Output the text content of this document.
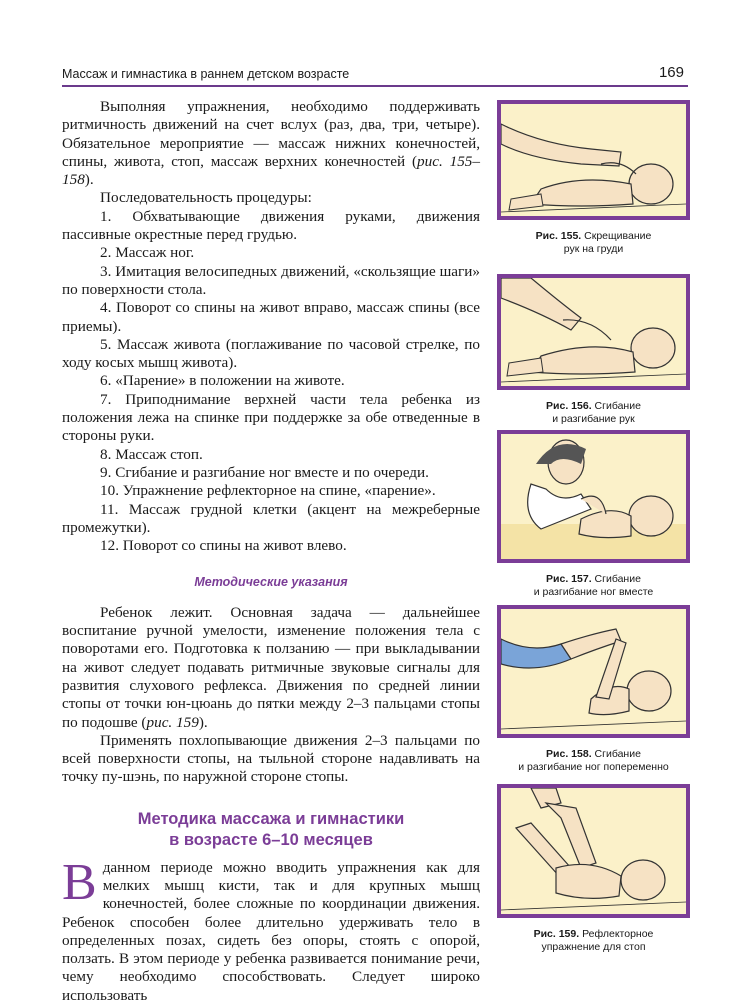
Массаж и гимнастика в раннем детском возрасте	169

Выполняя упражнения, необходимо поддерживать ритмичность движений на счет вслух (раз, два, три, четыре). Обязательное мероприятие — массаж нижних конечностей, спины, живота, стоп, массаж верхних конечностей (рис. 155–158).

Последовательность процедуры:

1. Обхватывающие движения руками, движения пассивные окрестные перед грудью.
2. Массаж ног.
3. Имитация велосипедных движений, «скользящие шаги» по поверхности стола.
4. Поворот со спины на живот вправо, массаж спины (все приемы).
5. Массаж живота (поглаживание по часовой стрелке, по ходу косых мышц живота).
6. «Парение» в положении на животе.
7. Приподнимание верхней части тела ребенка из положения лежа на спинке при поддержке за обе отведенные в стороны руки.
8. Массаж стоп.
9. Сгибание и разгибание ног вместе и по очереди.
10. Упражнение рефлекторное на спине, «парение».
11. Массаж грудной клетки (акцент на межреберные промежутки).
12. Поворот со спины на живот влево.

Методические указания

Ребенок лежит. Основная задача — дальнейшее воспитание ручной умелости, изменение положения тела с поворотами его. Подготовка к ползанию — при выкладывании на живот следует подавать ритмичные звуковые сигналы для развития слухового рефлекса. Движения по средней линии стопы от точки юн-цюань до пятки между 2–3 пальцами стопы по подошве (рис. 159).

Применять похлопывающие движения 2–3 пальцами по всей поверхности стопы, на тыльной стороне надавливать на точку пу-шэнь, по наружной стороне стопы.

Методика массажа и гимнастики
в возрасте 6–10 месяцев

Вданном периоде можно вводить упражнения как для мелких мышц кисти, так и для крупных мышц конечностей, более сложные по координации движения. Ребенок способен более длительно удерживать тело в определенных позах, сидеть без опоры, стоять с опорой, ползать. В этом периоде у ребенка развивается понимание речи, чему необходимо способствовать. Следует широко использовать

Рис. 155. Скрещивание
рук на груди
Рис. 156. Сгибание
и разгибание рук
Рис. 157. Сгибание
и разгибание ног вместе
Рис. 158. Сгибание
и разгибание ног попеременно
Рис. 159. Рефлекторное
упражнение для стоп
